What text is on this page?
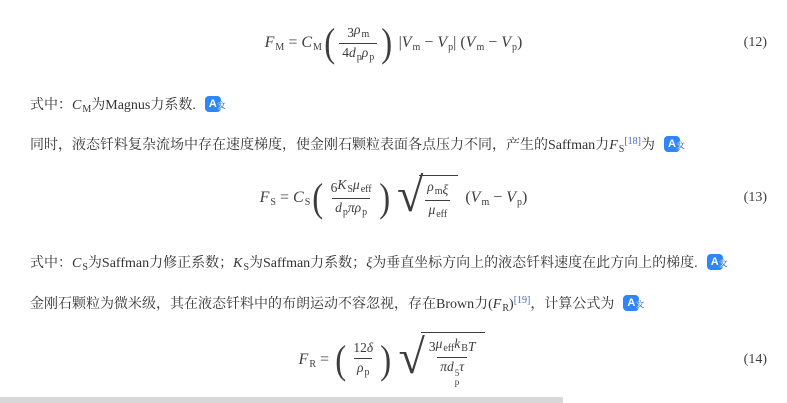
$F_M = C_M$ ( $\frac{3 \rho_m}{4 d_p \rho_p}$ ) $|V_m - V_p|$ $(V_m - V_p)$	(12)
式中：$C_M$为Magnus力系数. A 文
同时，液态钎料复杂流场中存在速度梯度，使金刚石颗粒表面各点压力不同，产生的Saffman力$F_S[18]$为 A 文
$F_S = C_S$ ( $\frac{6 K_S \mu_{eff}}{d_p \pi\rho_p}$ ) √ $\frac{\rho_m \xi}{\mu_{eff}} (V_m - V_p)$	(13)
式中：$C_S$为Saffman力修正系数；$K_S$为Saffman力系数；ξ为垂直坐标方向上的液态钎料速度在此方向上的梯度. A 文
金刚石颗粒为微米级，其在液态钎料中的布朗运动不容忽视，存在Brown力$(F_R)[19]$，计算公式为 A 文
$F_R$ = ( $\frac{12 \delta}{\rho_p}$ ) √ 3 $\mu_{eff}$ $k_B$ T
πd 5
p
τ	(14)
